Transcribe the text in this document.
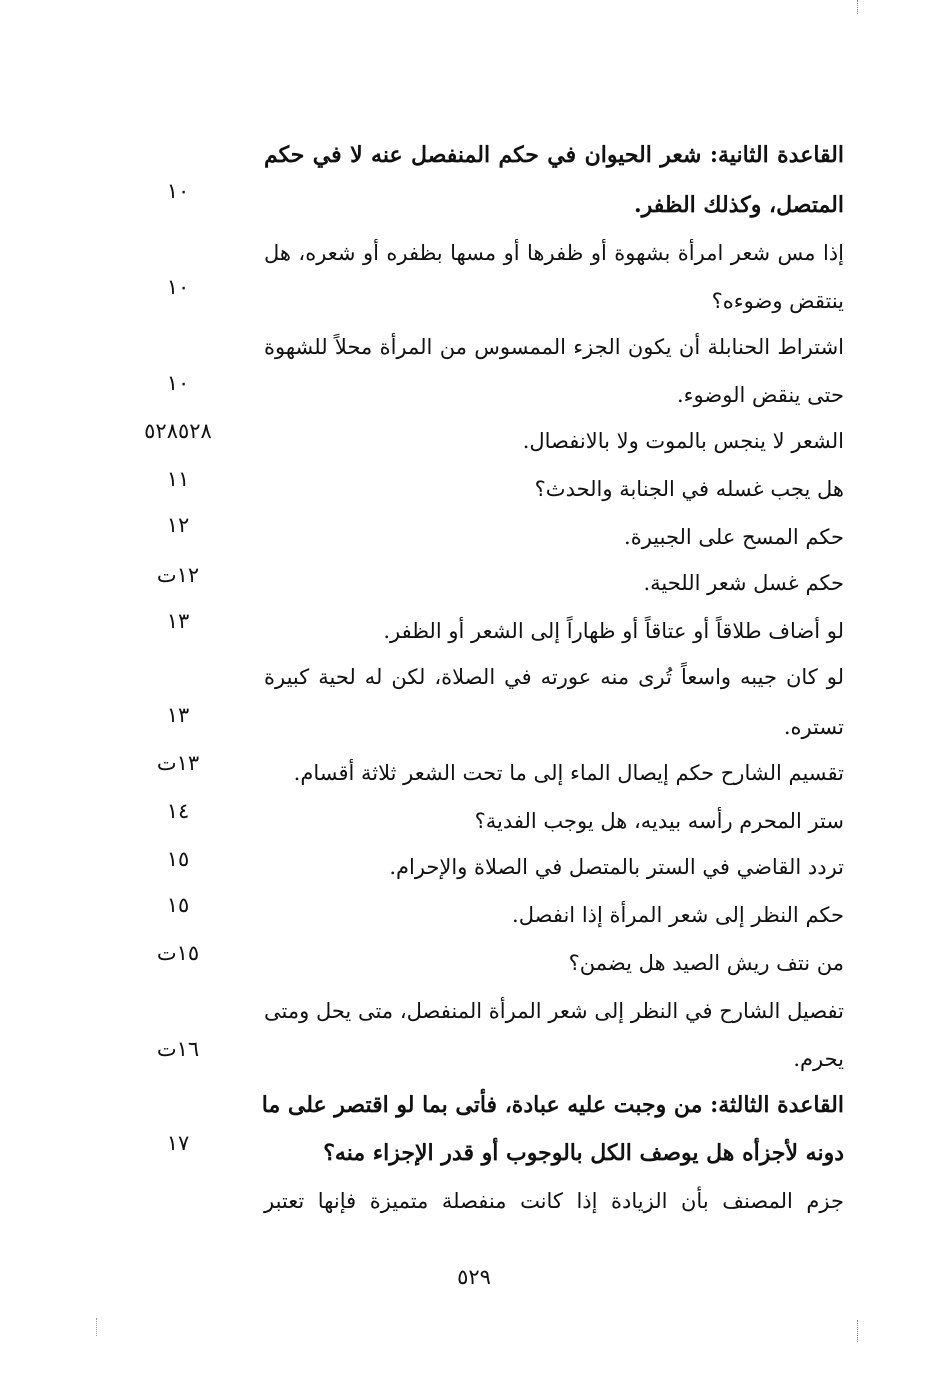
القاعدة الثانية: شعر الحيوان في حكم المنفصل عنه لا في حكم
المتصل، وكذلك الظفر.
١٠
إذا مس شعر امرأة بشهوة أو ظفرها أو مسها بظفره أو شعره، هل
ينتقض وضوءه؟
١٠
اشتراط الحنابلة أن يكون الجزء الممسوس من المرأة محلاً للشهوة
حتى ينقض الوضوء.
١٠
الشعر لا ينجس بالموت ولا بالانفصال.
٥٢٨٥٢٨
هل يجب غسله في الجنابة والحدث؟
١١
حكم المسح على الجبيرة.
١٢
حكم غسل شعر اللحية.
١٢ت
لو أضاف طلاقاً أو عتاقاً أو ظهاراً إلى الشعر أو الظفر.
١٣
لو كان جيبه واسعاً تُرى منه عورته في الصلاة، لكن له لحية كبيرة
تستره.
١٣
تقسيم الشارح حكم إيصال الماء إلى ما تحت الشعر ثلاثة أقسام.
١٣ت
ستر المحرم رأسه بيديه، هل يوجب الفدية؟
١٤
تردد القاضي في الستر بالمتصل في الصلاة والإحرام.
١٥
حكم النظر إلى شعر المرأة إذا انفصل.
١٥
من نتف ريش الصيد هل يضمن؟
١٥ت
تفصيل الشارح في النظر إلى شعر المرأة المنفصل، متى يحل ومتى
يحرم.
١٦ت
القاعدة الثالثة: من وجبت عليه عبادة، فأتى بما لو اقتصر على ما
دونه لأجزأه هل يوصف الكل بالوجوب أو قدر الإجزاء منه؟
١٧
جزم المصنف بأن الزيادة إذا كانت منفصلة متميزة فإنها تعتبر
٥٢٩
